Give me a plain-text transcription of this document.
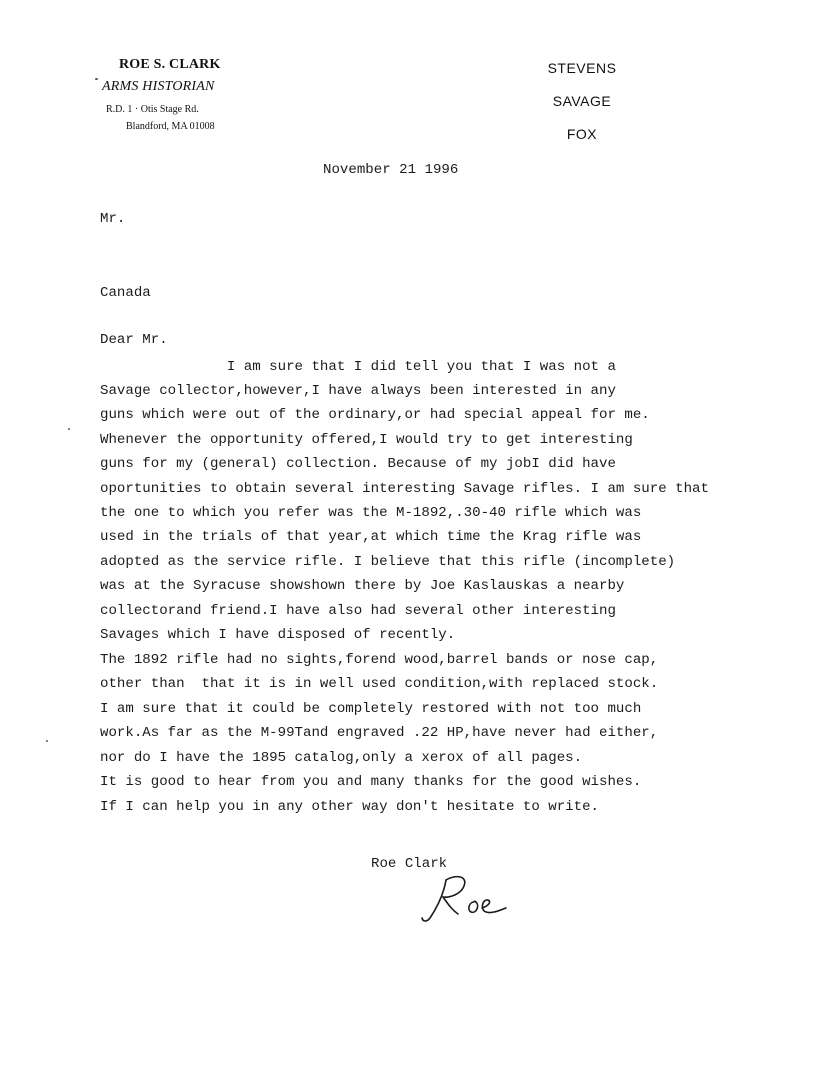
ROE S. CLARK
ARMS HISTORIAN
R.D. 1 · Otis Stage Rd.
Blandford, MA 01008
STEVENS
SAVAGE
FOX
November 21 1996
Mr.
Canada
Dear Mr.
I am sure that I did tell you that I was not a
Savage collector,however,I have always been interested in any
guns which were out of the ordinary,or had special appeal for me.
Whenever the opportunity offered,I would try to get interesting
guns for my (general) collection. Because of my jobI did have
oportunities to obtain several interesting Savage rifles. I am sure that
the one to which you refer was the M-1892,.30-40 rifle which was
used in the trials of that year,at which time the Krag rifle was
adopted as the service rifle. I believe that this rifle (incomplete)
was at the Syracuse showshown there by Joe Kaslauskas a nearby
collectorand friend.I have also had several other interesting
Savages which I have disposed of recently.
The 1892 rifle had no sights,forend wood,barrel bands or nose cap,
other than  that it is in well used condition,with replaced stock.
I am sure that it could be completely restored with not too much
work.As far as the M-99Tand engraved .22 HP,have never had either,
nor do I have the 1895 catalog,only a xerox of all pages.
It is good to hear from you and many thanks for the good wishes.
If I can help you in any other way don't hesitate to write.
Roe Clark
